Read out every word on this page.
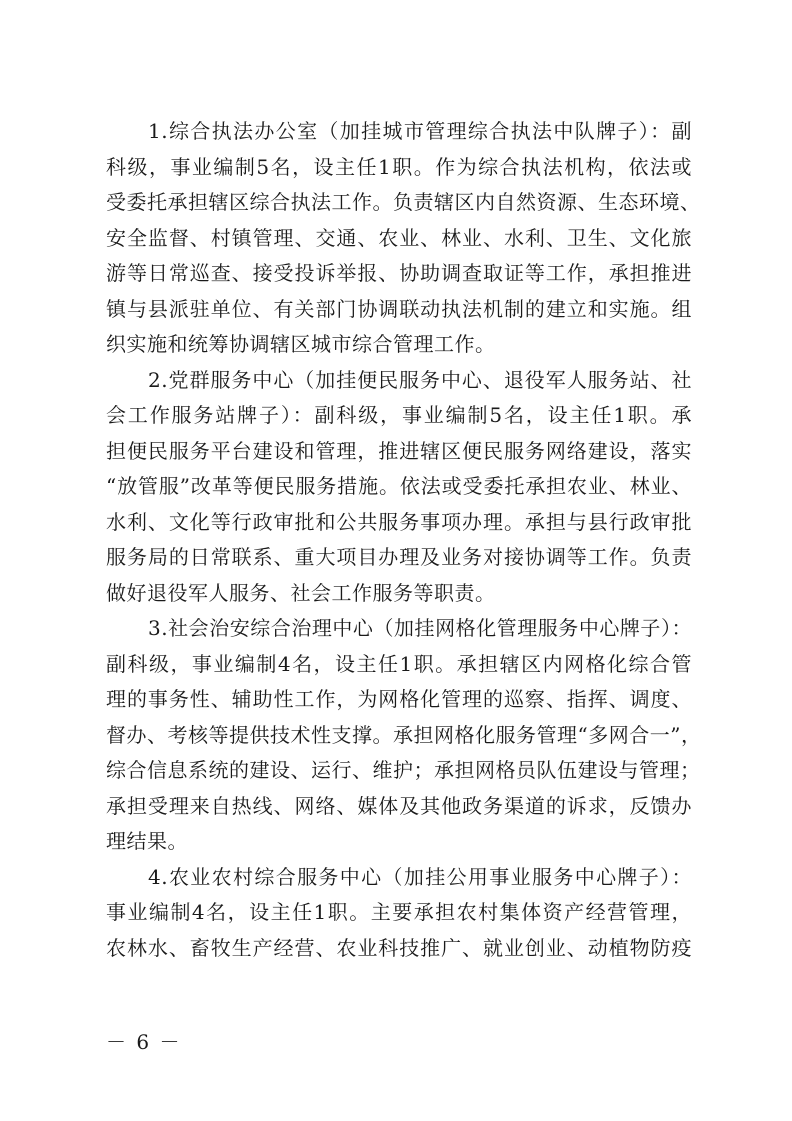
1.综合执法办公室（加挂城市管理综合执法中队牌子）：副
科级，事业编制5名，设主任1职。作为综合执法机构，依法或
受委托承担辖区综合执法工作。负责辖区内自然资源、生态环境、
安全监督、村镇管理、交通、农业、林业、水利、卫生、文化旅
游等日常巡查、接受投诉举报、协助调查取证等工作，承担推进
镇与县派驻单位、有关部门协调联动执法机制的建立和实施。组
织实施和统筹协调辖区城市综合管理工作。
2.党群服务中心（加挂便民服务中心、退役军人服务站、社
会工作服务站牌子）：副科级，事业编制5名，设主任1职。承
担便民服务平台建设和管理，推进辖区便民服务网络建设，落实
“放管服”改革等便民服务措施。依法或受委托承担农业、林业、
水利、文化等行政审批和公共服务事项办理。承担与县行政审批
服务局的日常联系、重大项目办理及业务对接协调等工作。负责
做好退役军人服务、社会工作服务等职责。
3.社会治安综合治理中心（加挂网格化管理服务中心牌子）：
副科级，事业编制4名，设主任1职。承担辖区内网格化综合管
理的事务性、辅助性工作，为网格化管理的巡察、指挥、调度、
督办、考核等提供技术性支撑。承担网格化服务管理“多网合一”，
综合信息系统的建设、运行、维护；承担网格员队伍建设与管理；
承担受理来自热线、网络、媒体及其他政务渠道的诉求，反馈办
理结果。
4.农业农村综合服务中心（加挂公用事业服务中心牌子）：
事业编制4名，设主任1职。主要承担农村集体资产经营管理，
农林水、畜牧生产经营、农业科技推广、就业创业、动植物防疫
－ 6 －
